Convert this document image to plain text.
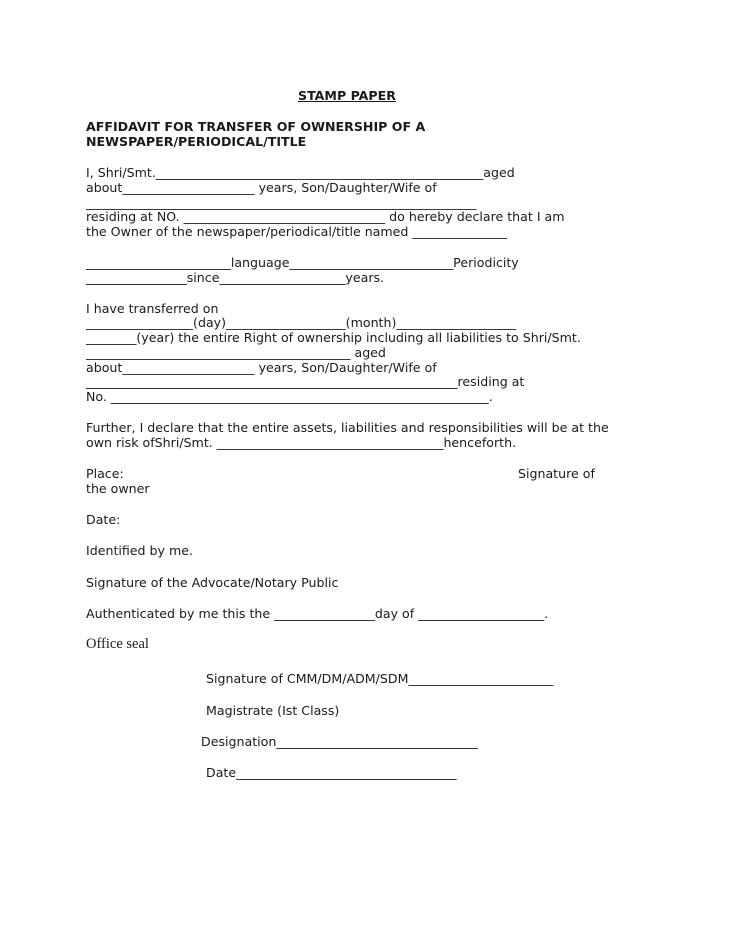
STAMP PAPER
AFFIDAVIT FOR TRANSFER OF OWNERSHIP OF A
NEWSPAPER/PERIODICAL/TITLE
I, Shri/Smt.____________________________________________________aged
about_____________________ years, Son/Daughter/Wife of
______________________________________________________________
residing at NO. ________________________________ do hereby declare that I am
the Owner of the newspaper/periodical/title named _______________
_______________________language__________________________Periodicity
________________since____________________years.
I have transferred on
_________________(day)___________________(month)___________________
________(year) the entire Right of ownership including all liabilities to Shri/Smt.
__________________________________________ aged
about_____________________ years, Son/Daughter/Wife of
___________________________________________________________residing at
No. ____________________________________________________________.
Further, I declare that the entire assets, liabilities and responsibilities will be at the
own risk ofShri/Smt. ____________________________________henceforth.
Place:	Signature of
the owner
Date:
Identified by me.
Signature of the Advocate/Notary Public
Authenticated by me this the ________________day of ____________________.
Office seal
Signature of CMM/DM/ADM/SDM_______________________
Magistrate (Ist Class)
Designation________________________________
Date___________________________________
